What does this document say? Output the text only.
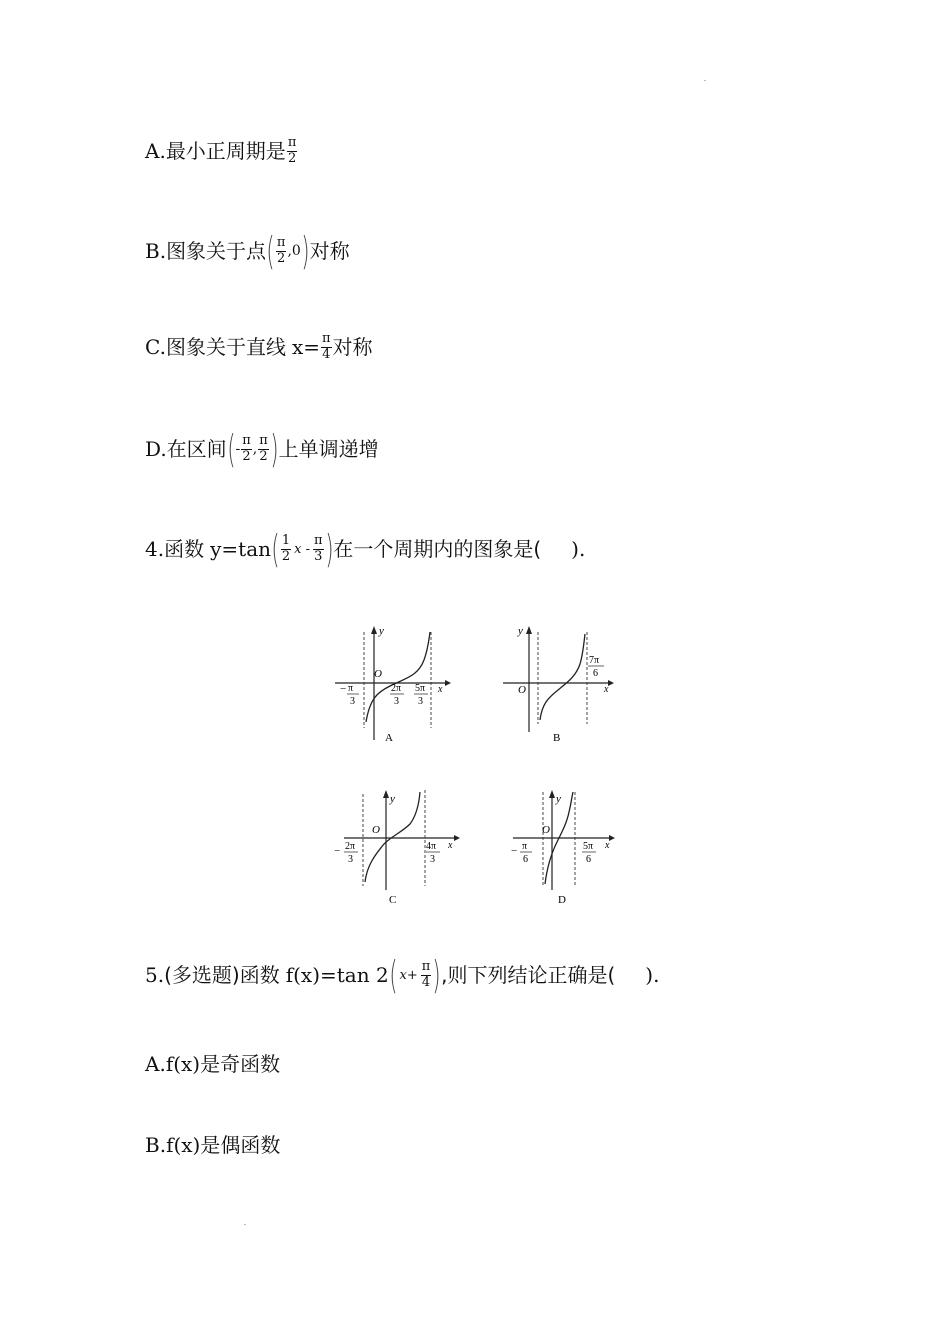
A. 最小正周期是 $\frac{\pi}{2}$
B. 图象关于点 ( $\frac{\pi}{2} ,0$ ) 对称
C. 图象关于直线 $x= \frac{\pi}{4}$ 对称
D. 在区间 ( - $\frac{\pi}{2}$ , $\frac{\pi}{2}$ ) 上单调递增
4. 函数 y=tan ( $\frac{1}{2}$ x - $\frac{\pi}{3}$ ) 在一个周期内的图象是( ).
y
x
O
− π
3
2π
3
5π
3
A
y
x
O
7π
6
B
y
x
O
− 2π
3
4π
3
C
y
x
O
− π
6
5π
6
D
5. (多选题)函数 f(x)=tan 2 ( $x+ \frac{\pi}{4}$ ) ,则下列结论正确是( ).
A. f(x) 是奇函数
B. f(x) 是偶函数
